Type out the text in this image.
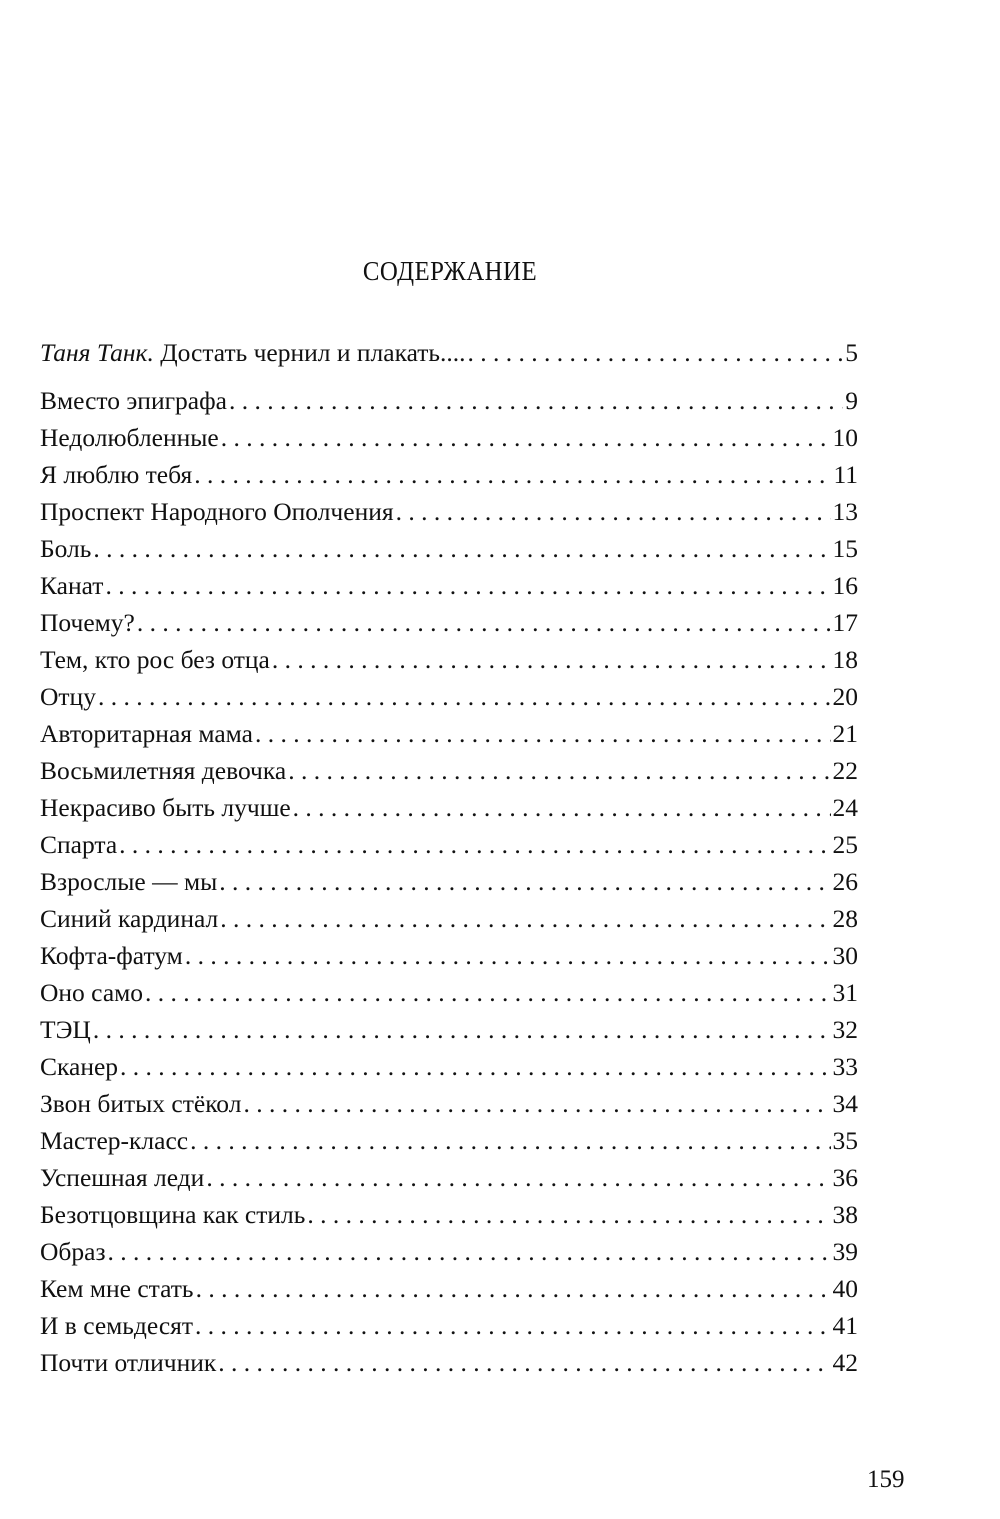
СОДЕРЖАНИЕ
Таня Танк. Достать чернил и плакать.... . . .	5
Вместо эпиграфа . . .	9
Недолюбленные . . .	10
Я люблю тебя . . .	11
Проспект Народного Ополчения . . .	13
Боль . . .	15
Канат . . .	16
Почему? . . .	17
Тем, кто рос без отца . . .	18
Отцу . . .	20
Авторитарная мама . . .	21
Восьмилетняя девочка . . .	22
Некрасиво быть лучше . . .	24
Спарта . . .	25
Взрослые — мы . . .	26
Синий кардинал . . .	28
Кофта-фатум . . .	30
Оно само . . .	31
ТЭЦ . . .	32
Сканер . . .	33
Звон битых стёкол . . .	34
Мастер-класс . . .	35
Успешная леди . . .	36
Безотцовщина как стиль . . .	38
Образ . . .	39
Кем мне стать . . .	40
И в семьдесят . . .	41
Почти отличник . . .	42
159
